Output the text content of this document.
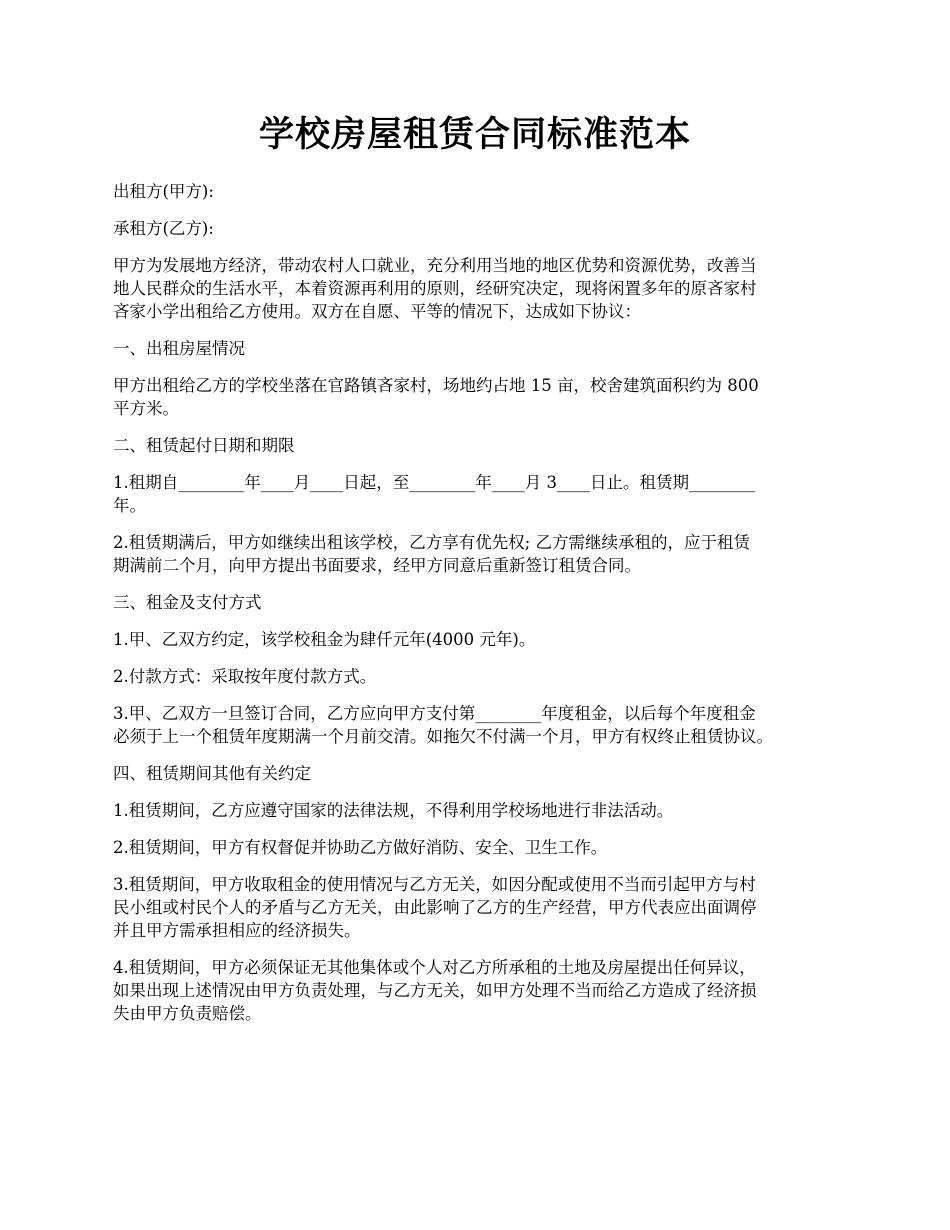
学校房屋租赁合同标准范本

出租方(甲方):

承租方(乙方):

甲方为发展地方经济，带动农村人口就业，充分利用当地的地区优势和资源优势，改善当
地人民群众的生活水平，本着资源再利用的原则，经研究决定，现将闲置多年的原吝家村
吝家小学出租给乙方使用。双方在自愿、平等的情况下，达成如下协议：

一、出租房屋情况

甲方出租给乙方的学校坐落在官路镇吝家村，场地约占地 15 亩，校舍建筑面积约为 800
平方米。

二、租赁起付日期和期限

1.租期自________年____月____日起，至________年____月 3____日止。租赁期________
年。

2.租赁期满后，甲方如继续出租该学校，乙方享有优先权; 乙方需继续承租的，应于租赁
期满前二个月，向甲方提出书面要求，经甲方同意后重新签订租赁合同。

三、租金及支付方式

1.甲、乙双方约定，该学校租金为肆仟元年(4000 元年)。

2.付款方式：采取按年度付款方式。

3.甲、乙双方一旦签订合同，乙方应向甲方支付第________年度租金，以后每个年度租金
必须于上一个租赁年度期满一个月前交清。如拖欠不付满一个月，甲方有权终止租赁协议。

四、租赁期间其他有关约定

1.租赁期间，乙方应遵守国家的法律法规，不得利用学校场地进行非法活动。

2.租赁期间，甲方有权督促并协助乙方做好消防、安全、卫生工作。

3.租赁期间，甲方收取租金的使用情况与乙方无关，如因分配或使用不当而引起甲方与村
民小组或村民个人的矛盾与乙方无关，由此影响了乙方的生产经营，甲方代表应出面调停
并且甲方需承担相应的经济损失。

4.租赁期间，甲方必须保证无其他集体或个人对乙方所承租的土地及房屋提出任何异议，
如果出现上述情况由甲方负责处理，与乙方无关，如甲方处理不当而给乙方造成了经济损
失由甲方负责赔偿。
